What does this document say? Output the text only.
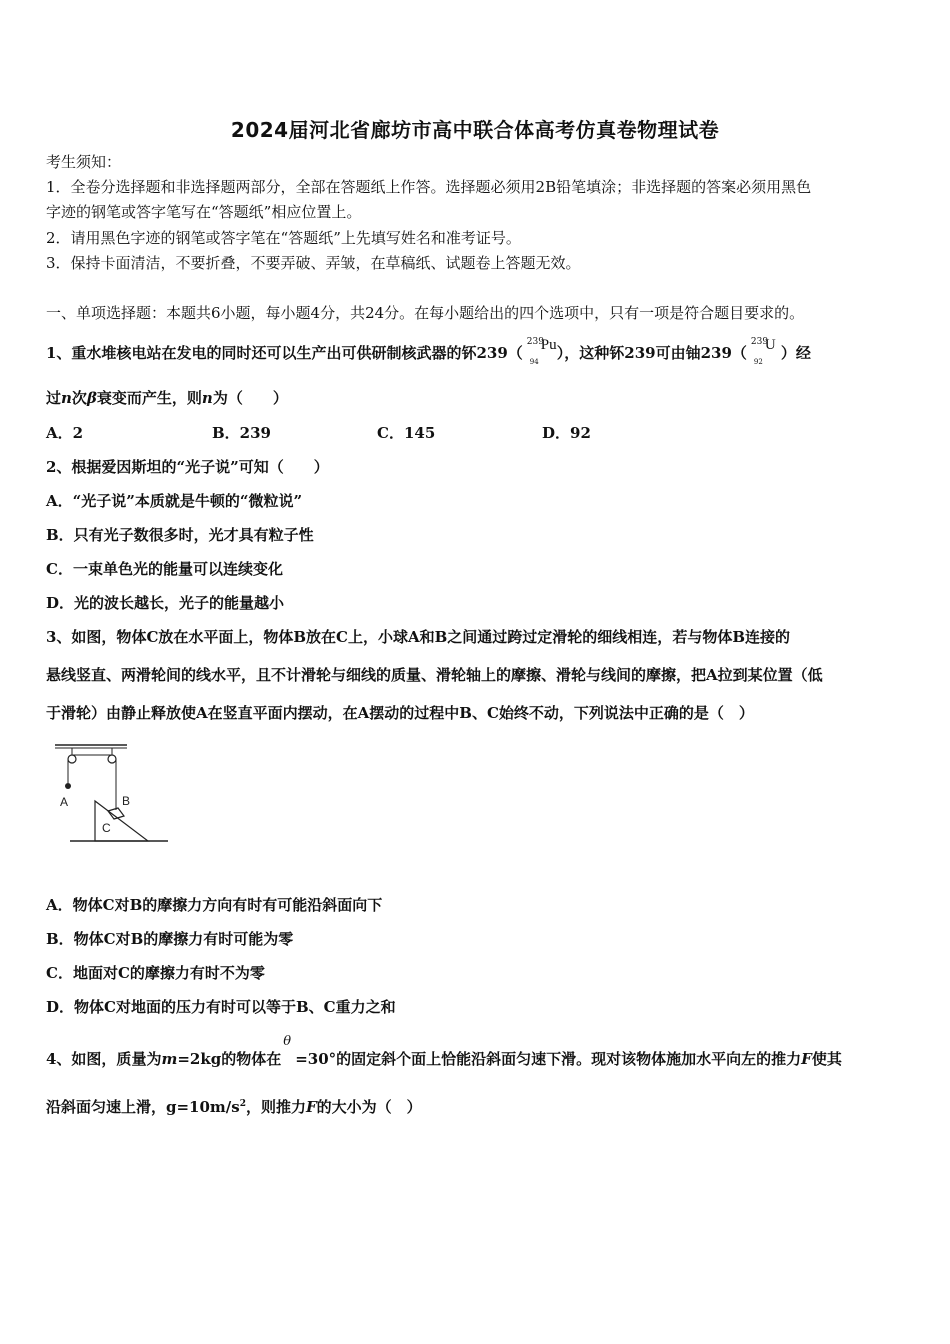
2024届河北省廊坊市高中联合体高考仿真卷物理试卷
考生须知：
1．全卷分选择题和非选择题两部分，全部在答题纸上作答。选择题必须用2B铅笔填涂；非选择题的答案必须用黑色
字迹的钢笔或答字笔写在“答题纸”相应位置上。
2．请用黑色字迹的钢笔或答字笔在“答题纸”上先填写姓名和准考证号。
3．保持卡面清洁，不要折叠，不要弄破、弄皱，在草稿纸、试题卷上答题无效。
一、单项选择题：本题共6小题，每小题4分，共24分。在每小题给出的四个选项中，只有一项是符合题目要求的。
1、重水堆核电站在发电的同时还可以生产出可供研制核武器的钚239（
239
94
Pu ），这种钚239可由铀239（
239
92
U ）经
过n次β衰变而产生，则n为（　　）
A．2	B．239	C．145	D．92
2、根据爱因斯坦的“光子说”可知（　　）
A．“光子说”本质就是牛顿的“微粒说”
B．只有光子数很多时，光才具有粒子性
C．一束单色光的能量可以连续变化
D．光的波长越长，光子的能量越小
3、如图，物体C放在水平面上，物体B放在C上，小球A和B之间通过跨过定滑轮的细线相连，若与物体B连接的
悬线竖直、两滑轮间的线水平，且不计滑轮与细线的质量、滑轮轴上的摩擦、滑轮与线间的摩擦，把A拉到某位置（低
于滑轮）由静止释放使A在竖直平面内摆动，在A摆动的过程中B、C始终不动，下列说法中正确的是（　）
A	B
C
A．物体C对B的摩擦力方向有时有可能沿斜面向下
B．物体C对B的摩擦力有时可能为零
C．地面对C的摩擦力有时不为零
D．物体C对地面的压力有时可以等于B、C重力之和
4、如图，质量为m=2kg的物体在
θ
=30°的固定斜个面上恰能沿斜面匀速下滑。现对该物体施加水平向左的推力F使其
沿斜面匀速上滑，$g=10m/s^2$，则推力F的大小为（　）
